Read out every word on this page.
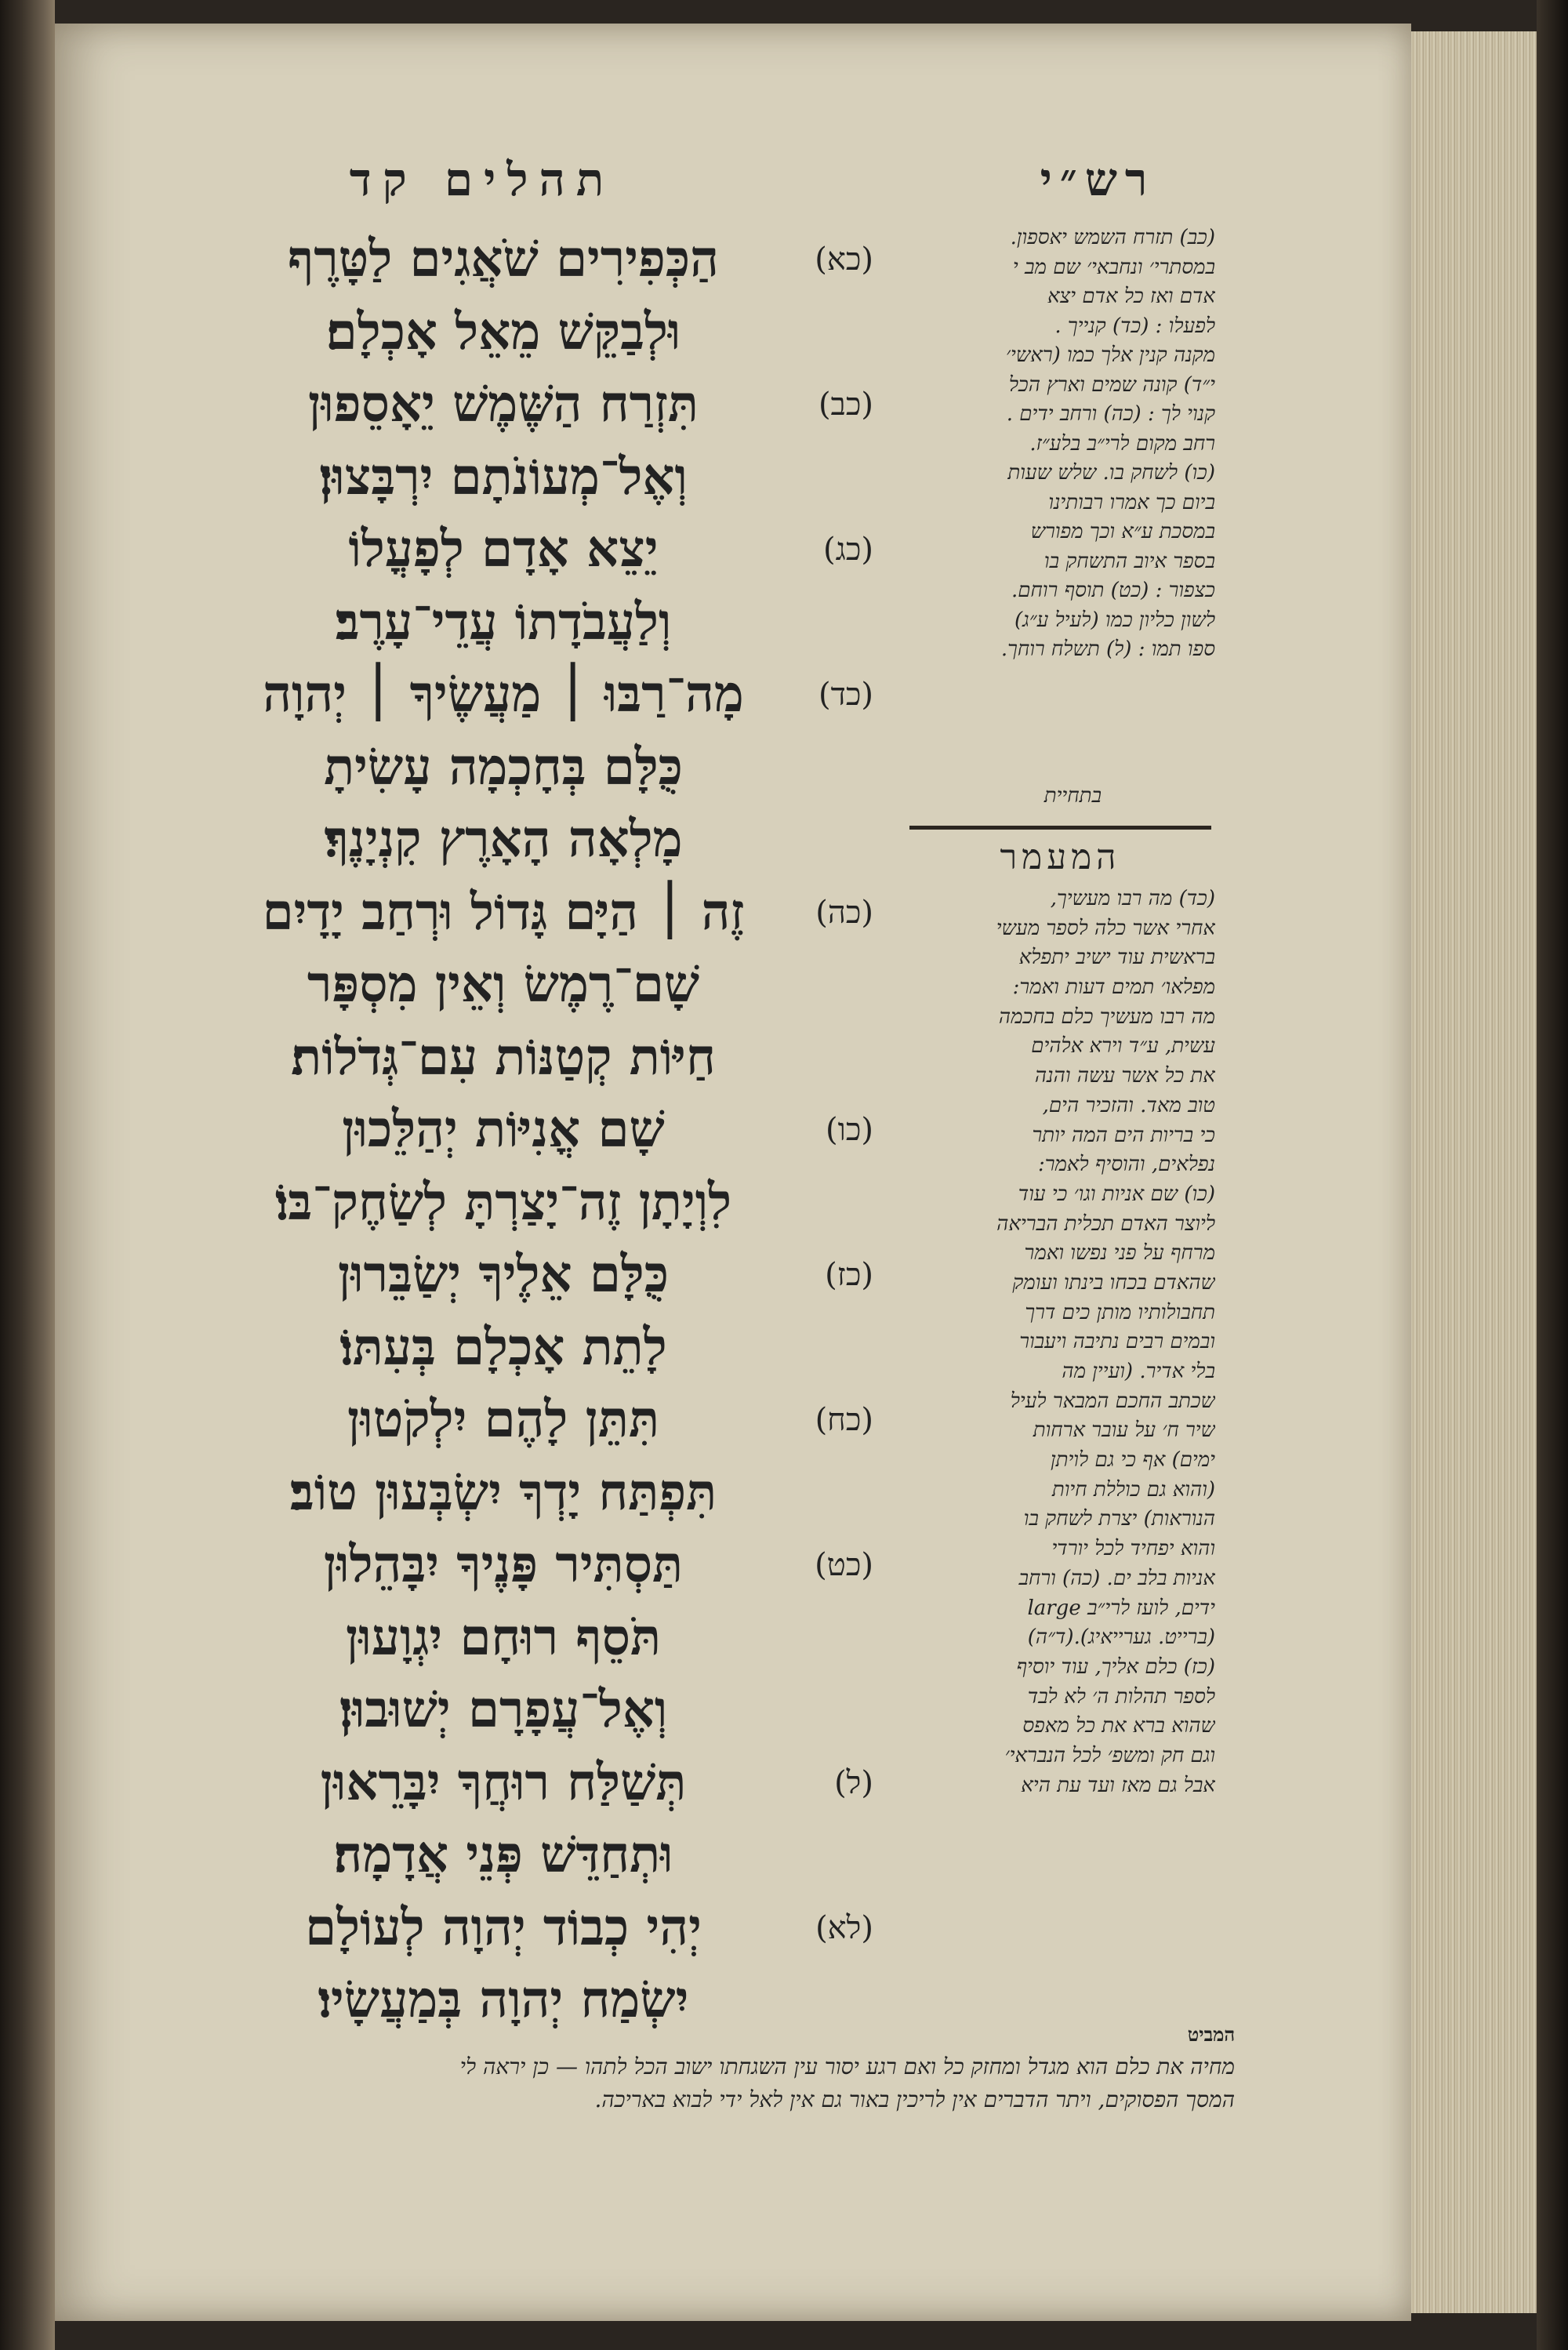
תהלים קד	רש״י
(כא)
הַכְּפִירִים שֹׁאֲגִים לַטָּרֶף
וּלְבַקֵּשׁ מֵאֵל אָכְלָם׃
(כב)
תִּזְרַח הַשֶּׁמֶשׁ יֵאָסֵפוּן
וְאֶל־מְעוֹנֹתָם יִרְבָּצוּן׃
(כג)
יֵצֵא אָדָם לְפָעֳלוֹ
וְלַעֲבֹדָתוֹ עֲדֵי־עָרֶב׃
(כד)
מָה־רַבּוּ ׀ מַעֲשֶׂיךָ ׀ יְהוָה
כֻּלָּם בְּחָכְמָה עָשִׂיתָ
מָלְאָה הָאָרֶץ קִנְיָנֶךָ׃
(כה)
זֶה ׀ הַיָּם גָּדוֹל וּרְחַב יָדָיִם
שָׁם־רֶמֶשׂ וְאֵין מִסְפָּר
חַיּוֹת קְטַנּוֹת עִם־גְּדֹלוֹת׃
(כו)
שָׁם אֳנִיּוֹת יְהַלֵּכוּן
לִוְיָתָן זֶה־יָצַרְתָּ לְשַׂחֶק־בּוֹ׃
(כז)
כֻּלָּם אֵלֶיךָ יְשַׂבֵּרוּן
לָתֵת אָכְלָם בְּעִתּוֹ׃
(כח)
תִּתֵּן לָהֶם יִלְקֹטוּן
תִּפְתַּח יָדְךָ יִשְׂבְּעוּן טוֹב׃
(כט)
תַּסְתִּיר פָּנֶיךָ יִבָּהֵלוּן
תֹּסֵף רוּחָם יִגְוָעוּן
וְאֶל־עֲפָרָם יְשׁוּבוּן׃
(ל)
תְּשַׁלַּח רוּחֲךָ יִבָּרֵאוּן
וּתְחַדֵּשׁ פְּנֵי אֲדָמָה׃
(לא)
יְהִי כְבוֹד יְהוָה לְעוֹלָם
יִשְׂמַח יְהוָה בְּמַעֲשָׂיו׃
(כב) תזרח השמש יאספון.
במסתרי׳ ונחבאי׳ שם מב י
אדם ואז כל אדם יצא
לפעלו : (כד) קנייך .
מקנה קנין אלך כמו (ראשי׳
י״ד) קונה שמים וארץ הכל
קנוי לך : (כה) ורחב ידים .
רחב מקום לרי״ב בלע״ז.
(כו) לשחק בו. שלש שעות
ביום כך אמרו רבותינו
במסכת ע״א וכך מפורש
בספר איוב התשחק בו
כצפור : (כט) תוסף רוחם.
לשון כליון כמו (לעיל ע״ג)
ספו תמו : (ל) תשלח רוחך.
בתחיית
המעמר
(כד) מה רבו מעשיך,
אחרי אשר כלה לספר מעשי
בראשית עוד ישיב יתפלא
מפלאו׳ תמים דעות ואמר:
מה רבו מעשיך כלם בחכמה
עשית, ע״ד וירא אלהים
את כל אשר עשה והנה
טוב מאד. והזכיר הים,
כי בריות הים המה יותר
נפלאים, והוסיף לאמר:
(כו) שם אניות וגו׳ כי עוד
ליוצר האדם תכלית הבריאה
מרחף על פני נפשו ואמר
שהאדם בכחו בינתו ועומק
תחבולותיו מותן כים דרך
ובמים רבים נתיבה ויעבור
בלי אדיר. (ועיין מה
שכתב החכם המבאר לעיל
שיר ח׳ על עובר ארחות
ימים) אף כי גם לויתן
(והוא גם כוללת חיות
הנוראות) יצרת לשחק בו
והוא יפחיד לכל יורדי
אניות בלב ים. (כה) ורחב
ידים, לועז לרי״ב large
(ברייט. גערייאיג).(ד״ה)
(כז) כלם אליך, עוד יוסיף
לספר תהלות ה׳ לא לבד
שהוא ברא את כל מאפס
וגם חק ומשפ׳ לכל הנבראי׳
אבל גם מאז ועד עת היא
המביט
מחיה את כלם הוא מגדל ומחזק כל ואם רגע יסור עין השגחתו ישוב הכל לתהו — כן יראה לי
המסך הפסוקים, ויתר הדברים אין לריכין באור גם אין לאל ידי לבוא באריכה.
